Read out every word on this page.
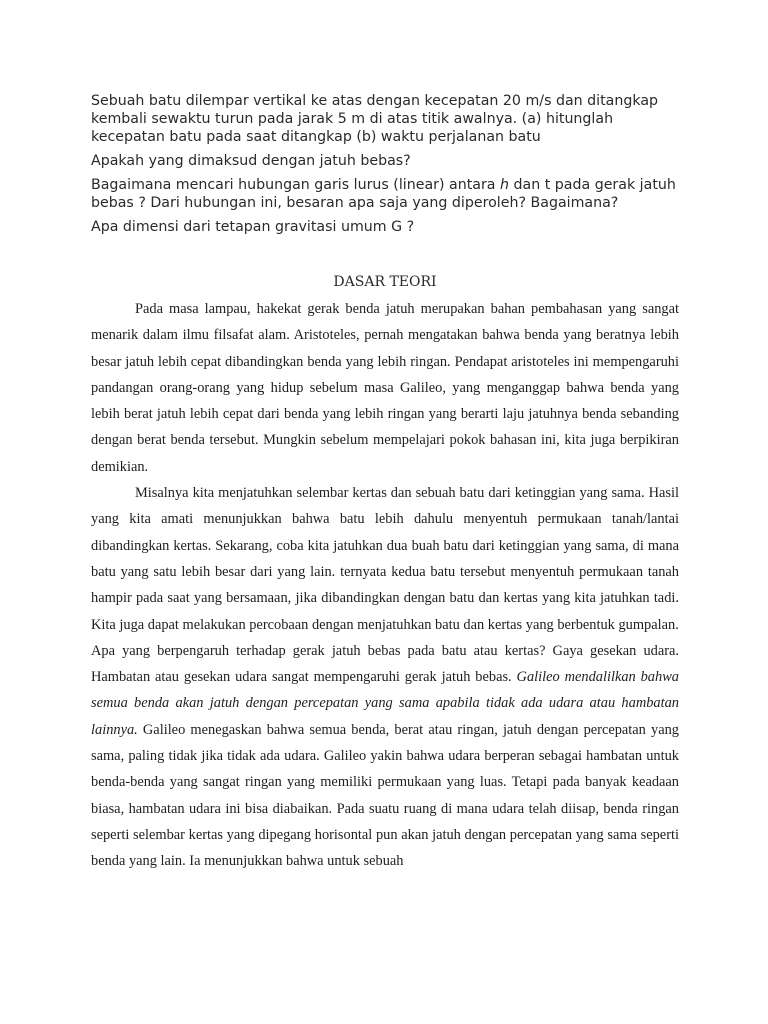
Sebuah batu dilempar vertikal ke atas dengan kecepatan 20 m/s dan ditangkap kembali sewaktu turun pada jarak 5 m di atas titik awalnya. (a) hitunglah kecepatan batu pada saat ditangkap (b) waktu perjalanan batu

Apakah yang dimaksud dengan jatuh bebas?

Bagaimana mencari hubungan garis lurus (linear) antara h dan t pada gerak jatuh bebas ? Dari hubungan ini, besaran apa saja yang diperoleh? Bagaimana?

Apa dimensi dari tetapan gravitasi umum G ?

DASAR TEORI

Pada masa lampau, hakekat gerak benda jatuh merupakan bahan pembahasan yang sangat menarik dalam ilmu filsafat alam. Aristoteles, pernah mengatakan bahwa benda yang beratnya lebih besar jatuh lebih cepat dibandingkan benda yang lebih ringan. Pendapat aristoteles ini mempengaruhi pandangan orang-orang yang hidup sebelum masa Galileo, yang menganggap bahwa benda yang lebih berat jatuh lebih cepat dari benda yang lebih ringan yang berarti laju jatuhnya benda sebanding dengan berat benda tersebut. Mungkin sebelum mempelajari pokok bahasan ini, kita juga berpikiran demikian.

Misalnya kita menjatuhkan selembar kertas dan sebuah batu dari ketinggian yang sama. Hasil yang kita amati menunjukkan bahwa batu lebih dahulu menyentuh permukaan tanah/lantai dibandingkan kertas. Sekarang, coba kita jatuhkan dua buah batu dari ketinggian yang sama, di mana batu yang satu lebih besar dari yang lain. ternyata kedua batu tersebut menyentuh permukaan tanah hampir pada saat yang bersamaan, jika dibandingkan dengan batu dan kertas yang kita jatuhkan tadi. Kita juga dapat melakukan percobaan dengan menjatuhkan batu dan kertas yang berbentuk gumpalan.

Apa yang berpengaruh terhadap gerak jatuh bebas pada batu atau kertas? Gaya gesekan udara. Hambatan atau gesekan udara sangat mempengaruhi gerak jatuh bebas. Galileo mendalilkan bahwa semua benda akan jatuh dengan percepatan yang sama apabila tidak ada udara atau hambatan lainnya. Galileo menegaskan bahwa semua benda, berat atau ringan, jatuh dengan percepatan yang sama, paling tidak jika tidak ada udara. Galileo yakin bahwa udara berperan sebagai hambatan untuk benda-benda yang sangat ringan yang memiliki permukaan yang luas. Tetapi pada banyak keadaan biasa, hambatan udara ini bisa diabaikan. Pada suatu ruang di mana udara telah diisap, benda ringan seperti selembar kertas yang dipegang horisontal pun akan jatuh dengan percepatan yang sama seperti benda yang lain. Ia menunjukkan bahwa untuk sebuah
